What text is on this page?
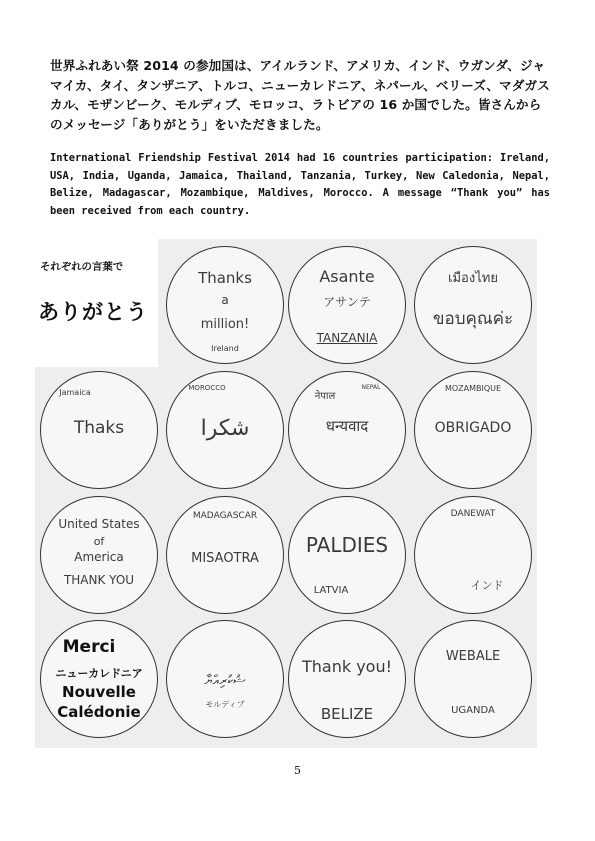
世界ふれあい祭 2014 の参加国は、アイルランド、アメリカ、インド、ウガンダ、ジャマイカ、タイ、タンザニア、トルコ、ニューカレドニア、ネパール、ベリーズ、マダガスカル、モザンビーク、モルディブ、モロッコ、ラトビアの 16 か国でした。皆さんからのメッセージ「ありがとう」をいただきました。
International Friendship Festival 2014 had 16 countries participation: Ireland, USA, India, Uganda, Jamaica, Thailand, Tanzania, Turkey, New Caledonia, Nepal, Belize, Madagascar, Mozambique, Maldives, Morocco. A message “Thank you” has been received from each country.
それぞれの言葉で
ありがとう
Thanks
a
million!
Ireland
Asante
アサンテ
TANZANIA
เมืองไทย
ขอบคุณค่ะ
Jamaica
Thaks
MOROCCO
شكرا
नेपाल
NEPAL
धन्यवाद
MOZAMBIQUE
OBRIGADO
United States
of
America
THANK YOU
MADAGASCAR
MISAOTRA
PALDIES
LATVIA
DANEWAT
インド
Merci
ニューカレドニア
Nouvelle
Calédonie
ޝުކުރިއްޔާ
モルディブ
Thank you!
BELIZE
WEBALE
UGANDA
5
